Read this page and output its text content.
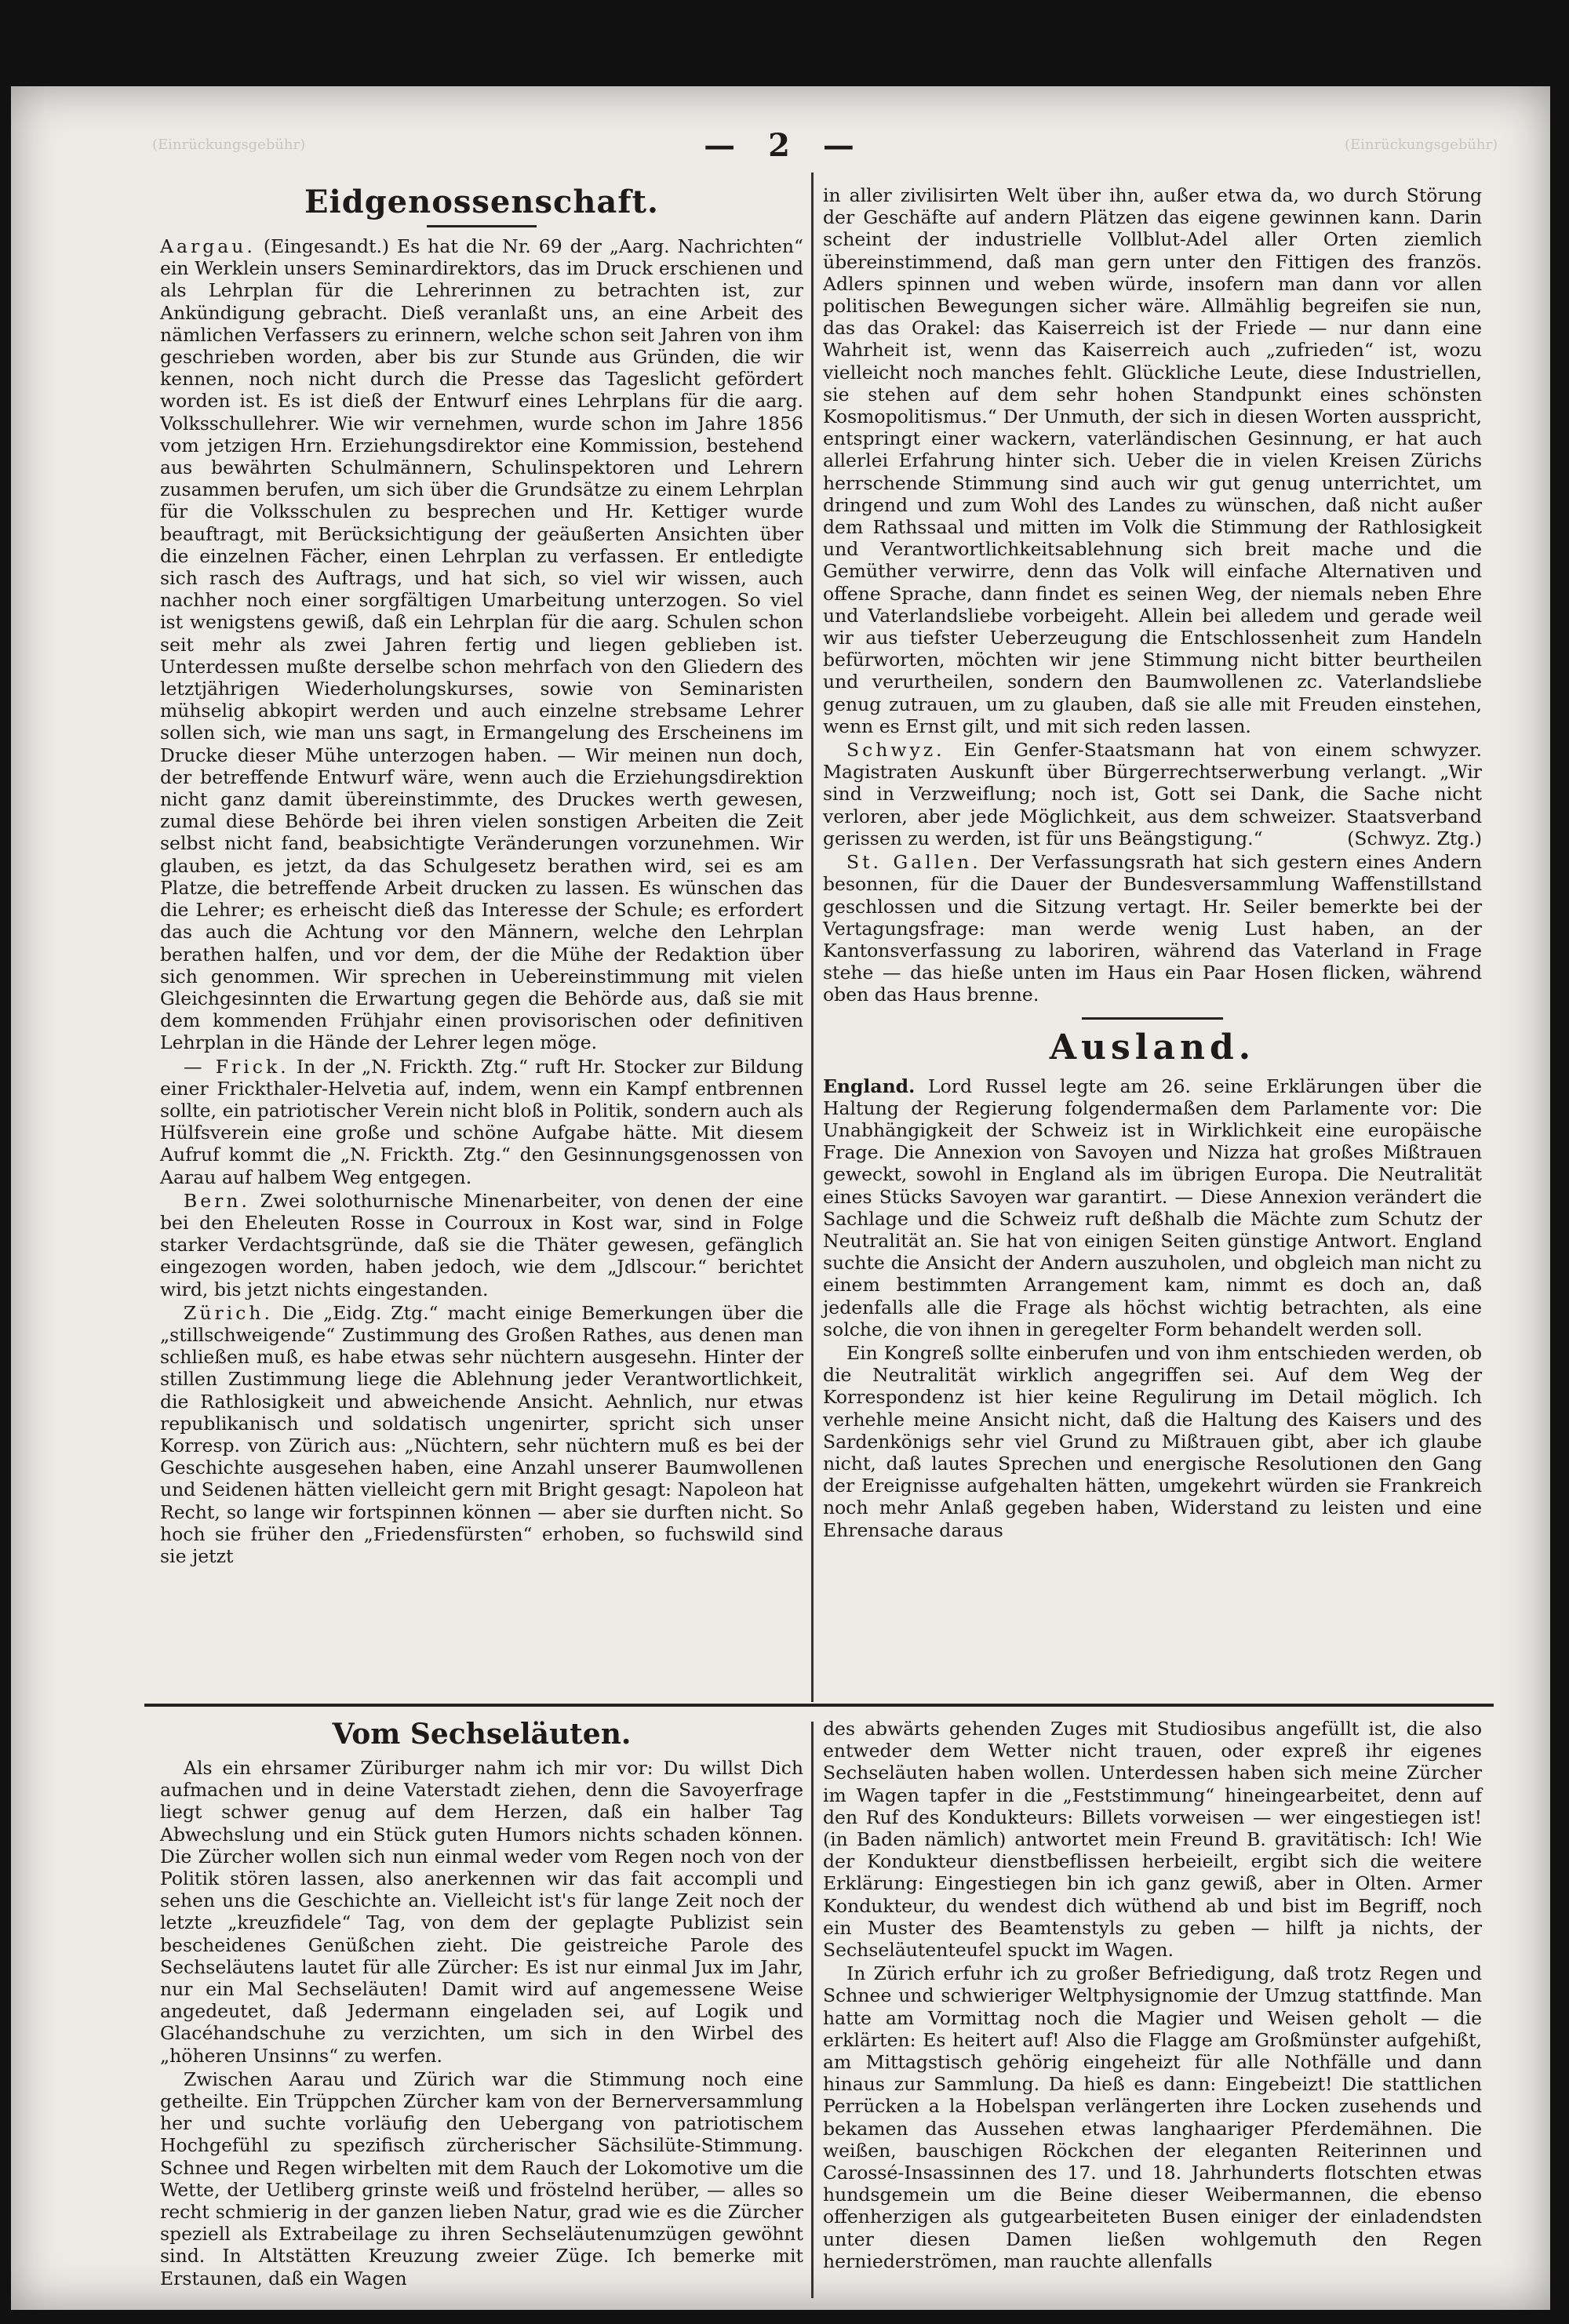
(Einrückungsgebühr)	(Einrückungsgebühr)
— 2 —
Eidgenossenschaft.

Aargau. (Eingesandt.) Es hat die Nr. 69 der „Aarg. Nachrichten“ ein Werklein unsers Seminardirektors, das im Druck erschienen und als Lehrplan für die Lehrerinnen zu betrachten ist, zur Ankündigung gebracht. Dieß veranlaßt uns, an eine Arbeit des nämlichen Verfassers zu erinnern, welche schon seit Jahren von ihm geschrieben worden, aber bis zur Stunde aus Gründen, die wir kennen, noch nicht durch die Presse das Tageslicht gefördert worden ist. Es ist dieß der Entwurf eines Lehrplans für die aarg. Volksschullehrer. Wie wir vernehmen, wurde schon im Jahre 1856 vom jetzigen Hrn. Erziehungsdirektor eine Kommission, bestehend aus bewährten Schulmännern, Schulinspektoren und Lehrern zusammen berufen, um sich über die Grundsätze zu einem Lehrplan für die Volksschulen zu besprechen und Hr. Kettiger wurde beauftragt, mit Berücksichtigung der geäußerten Ansichten über die einzelnen Fächer, einen Lehrplan zu verfassen. Er entledigte sich rasch des Auftrags, und hat sich, so viel wir wissen, auch nachher noch einer sorgfältigen Umarbeitung unterzogen. So viel ist wenigstens gewiß, daß ein Lehrplan für die aarg. Schulen schon seit mehr als zwei Jahren fertig und liegen geblieben ist. Unterdessen mußte derselbe schon mehrfach von den Gliedern des letztjährigen Wiederholungskurses, sowie von Seminaristen mühselig abkopirt werden und auch einzelne strebsame Lehrer sollen sich, wie man uns sagt, in Ermangelung des Erscheinens im Drucke dieser Mühe unterzogen haben. — Wir meinen nun doch, der betreffende Entwurf wäre, wenn auch die Erziehungsdirektion nicht ganz damit übereinstimmte, des Druckes werth gewesen, zumal diese Behörde bei ihren vielen sonstigen Arbeiten die Zeit selbst nicht fand, beabsichtigte Veränderungen vorzunehmen. Wir glauben, es jetzt, da das Schulgesetz berathen wird, sei es am Platze, die betreffende Arbeit drucken zu lassen. Es wünschen das die Lehrer; es erheischt dieß das Interesse der Schule; es erfordert das auch die Achtung vor den Männern, welche den Lehrplan berathen halfen, und vor dem, der die Mühe der Redaktion über sich genommen. Wir sprechen in Uebereinstimmung mit vielen Gleichgesinnten die Erwartung gegen die Behörde aus, daß sie mit dem kommenden Frühjahr einen provisorischen oder definitiven Lehrplan in die Hände der Lehrer legen möge.

— Frick. In der „N. Frickth. Ztg.“ ruft Hr. Stocker zur Bildung einer Frickthaler-Helvetia auf, indem, wenn ein Kampf entbrennen sollte, ein patriotischer Verein nicht bloß in Politik, sondern auch als Hülfsverein eine große und schöne Aufgabe hätte. Mit diesem Aufruf kommt die „N. Frickth. Ztg.“ den Gesinnungsgenossen von Aarau auf halbem Weg entgegen.

Bern. Zwei solothurnische Minenarbeiter, von denen der eine bei den Eheleuten Rosse in Courroux in Kost war, sind in Folge starker Verdachtsgründe, daß sie die Thäter gewesen, gefänglich eingezogen worden, haben jedoch, wie dem „Jdlscour.“ berichtet wird, bis jetzt nichts eingestanden.

Zürich. Die „Eidg. Ztg.“ macht einige Bemerkungen über die „stillschweigende“ Zustimmung des Großen Rathes, aus denen man schließen muß, es habe etwas sehr nüchtern ausgesehn. Hinter der stillen Zustimmung liege die Ablehnung jeder Verantwortlichkeit, die Rathlosigkeit und abweichende Ansicht. Aehnlich, nur etwas republikanisch und soldatisch ungenirter, spricht sich unser Korresp. von Zürich aus: „Nüchtern, sehr nüchtern muß es bei der Geschichte ausgesehen haben, eine Anzahl unserer Baumwollenen und Seidenen hätten vielleicht gern mit Bright gesagt: Napoleon hat Recht, so lange wir fortspinnen können — aber sie durften nicht. So hoch sie früher den „Friedensfürsten“ erhoben, so fuchswild sind sie jetzt

in aller zivilisirten Welt über ihn, außer etwa da, wo durch Störung der Geschäfte auf andern Plätzen das eigene gewinnen kann. Darin scheint der industrielle Vollblut-Adel aller Orten ziemlich übereinstimmend, daß man gern unter den Fittigen des französ. Adlers spinnen und weben würde, insofern man dann vor allen politischen Bewegungen sicher wäre. Allmählig begreifen sie nun, das das Orakel: das Kaiserreich ist der Friede — nur dann eine Wahrheit ist, wenn das Kaiserreich auch „zufrieden“ ist, wozu vielleicht noch manches fehlt. Glückliche Leute, diese Industriellen, sie stehen auf dem sehr hohen Standpunkt eines schönsten Kosmopolitismus.“ Der Unmuth, der sich in diesen Worten ausspricht, entspringt einer wackern, vaterländischen Gesinnung, er hat auch allerlei Erfahrung hinter sich. Ueber die in vielen Kreisen Zürichs herrschende Stimmung sind auch wir gut genug unterrichtet, um dringend und zum Wohl des Landes zu wünschen, daß nicht außer dem Rathssaal und mitten im Volk die Stimmung der Rathlosigkeit und Verantwortlichkeitsablehnung sich breit mache und die Gemüther verwirre, denn das Volk will einfache Alternativen und offene Sprache, dann findet es seinen Weg, der niemals neben Ehre und Vaterlandsliebe vorbeigeht. Allein bei alledem und gerade weil wir aus tiefster Ueberzeugung die Entschlossenheit zum Handeln befürworten, möchten wir jene Stimmung nicht bitter beurtheilen und verurtheilen, sondern den Baumwollenen zc. Vaterlandsliebe genug zutrauen, um zu glauben, daß sie alle mit Freuden einstehen, wenn es Ernst gilt, und mit sich reden lassen.

Schwyz. Ein Genfer-Staatsmann hat von einem schwyzer. Magistraten Auskunft über Bürgerrechtserwerbung verlangt. „Wir sind in Verzweiflung; noch ist, Gott sei Dank, die Sache nicht verloren, aber jede Möglichkeit, aus dem schweizer. Staatsverband gerissen zu werden, ist für uns Beängstigung.“	(Schwyz. Ztg.)

St. Gallen. Der Verfassungsrath hat sich gestern eines Andern besonnen, für die Dauer der Bundesversammlung Waffenstillstand geschlossen und die Sitzung vertagt. Hr. Seiler bemerkte bei der Vertagungsfrage: man werde wenig Lust haben, an der Kantonsverfassung zu laboriren, während das Vaterland in Frage stehe — das hieße unten im Haus ein Paar Hosen flicken, während oben das Haus brenne.

Ausland.

England. Lord Russel legte am 26. seine Erklärungen über die Haltung der Regierung folgendermaßen dem Parlamente vor: Die Unabhängigkeit der Schweiz ist in Wirklichkeit eine europäische Frage. Die Annexion von Savoyen und Nizza hat großes Mißtrauen geweckt, sowohl in England als im übrigen Europa. Die Neutralität eines Stücks Savoyen war garantirt. — Diese Annexion verändert die Sachlage und die Schweiz ruft deßhalb die Mächte zum Schutz der Neutralität an. Sie hat von einigen Seiten günstige Antwort. England suchte die Ansicht der Andern auszuholen, und obgleich man nicht zu einem bestimmten Arrangement kam, nimmt es doch an, daß jedenfalls alle die Frage als höchst wichtig betrachten, als eine solche, die von ihnen in geregelter Form behandelt werden soll.

Ein Kongreß sollte einberufen und von ihm entschieden werden, ob die Neutralität wirklich angegriffen sei. Auf dem Weg der Korrespondenz ist hier keine Regulirung im Detail möglich. Ich verhehle meine Ansicht nicht, daß die Haltung des Kaisers und des Sardenkönigs sehr viel Grund zu Mißtrauen gibt, aber ich glaube nicht, daß lautes Sprechen und energische Resolutionen den Gang der Ereignisse aufgehalten hätten, umgekehrt würden sie Frankreich noch mehr Anlaß gegeben haben, Widerstand zu leisten und eine Ehrensache daraus

Vom Sechseläuten.

Als ein ehrsamer Züriburger nahm ich mir vor: Du willst Dich aufmachen und in deine Vaterstadt ziehen, denn die Savoyerfrage liegt schwer genug auf dem Herzen, daß ein halber Tag Abwechslung und ein Stück guten Humors nichts schaden können. Die Zürcher wollen sich nun einmal weder vom Regen noch von der Politik stören lassen, also anerkennen wir das fait accompli und sehen uns die Geschichte an. Vielleicht ist's für lange Zeit noch der letzte „kreuzfidele“ Tag, von dem der geplagte Publizist sein bescheidenes Genüßchen zieht. Die geistreiche Parole des Sechseläutens lautet für alle Zürcher: Es ist nur einmal Jux im Jahr, nur ein Mal Sechseläuten! Damit wird auf angemessene Weise angedeutet, daß Jedermann eingeladen sei, auf Logik und Glacéhandschuhe zu verzichten, um sich in den Wirbel des „höheren Unsinns“ zu werfen.

Zwischen Aarau und Zürich war die Stimmung noch eine getheilte. Ein Trüppchen Zürcher kam von der Bernerversammlung her und suchte vorläufig den Uebergang von patriotischem Hochgefühl zu spezifisch zürcherischer Sächsilüte-Stimmung. Schnee und Regen wirbelten mit dem Rauch der Lokomotive um die Wette, der Uetliberg grinste weiß und fröstelnd herüber, — alles so recht schmierig in der ganzen lieben Natur, grad wie es die Zürcher speziell als Extrabeilage zu ihren Sechseläutenumzügen gewöhnt sind. In Altstätten Kreuzung zweier Züge. Ich bemerke mit Erstaunen, daß ein Wagen

des abwärts gehenden Zuges mit Studiosibus angefüllt ist, die also entweder dem Wetter nicht trauen, oder expreß ihr eigenes Sechseläuten haben wollen. Unterdessen haben sich meine Zürcher im Wagen tapfer in die „Feststimmung“ hineingearbeitet, denn auf den Ruf des Kondukteurs: Billets vorweisen — wer eingestiegen ist! (in Baden nämlich) antwortet mein Freund B. gravitätisch: Ich! Wie der Kondukteur dienstbeflissen herbeieilt, ergibt sich die weitere Erklärung: Eingestiegen bin ich ganz gewiß, aber in Olten. Armer Kondukteur, du wendest dich wüthend ab und bist im Begriff, noch ein Muster des Beamtenstyls zu geben — hilft ja nichts, der Sechseläutenteufel spuckt im Wagen.

In Zürich erfuhr ich zu großer Befriedigung, daß trotz Regen und Schnee und schwieriger Weltphysignomie der Umzug stattfinde. Man hatte am Vormittag noch die Magier und Weisen geholt — die erklärten: Es heitert auf! Also die Flagge am Großmünster aufgehißt, am Mittagstisch gehörig eingeheizt für alle Nothfälle und dann hinaus zur Sammlung. Da hieß es dann: Eingebeizt! Die stattlichen Perrücken a la Hobelspan verlängerten ihre Locken zusehends und bekamen das Aussehen etwas langhaariger Pferdemähnen. Die weißen, bauschigen Röckchen der eleganten Reiterinnen und Carossé-Insassinnen des 17. und 18. Jahrhunderts flotschten etwas hundsgemein um die Beine dieser Weibermannen, die ebenso offenherzigen als gutgearbeiteten Busen einiger der einladendsten unter diesen Damen ließen wohlgemuth den Regen herniederströmen, man rauchte allenfalls
